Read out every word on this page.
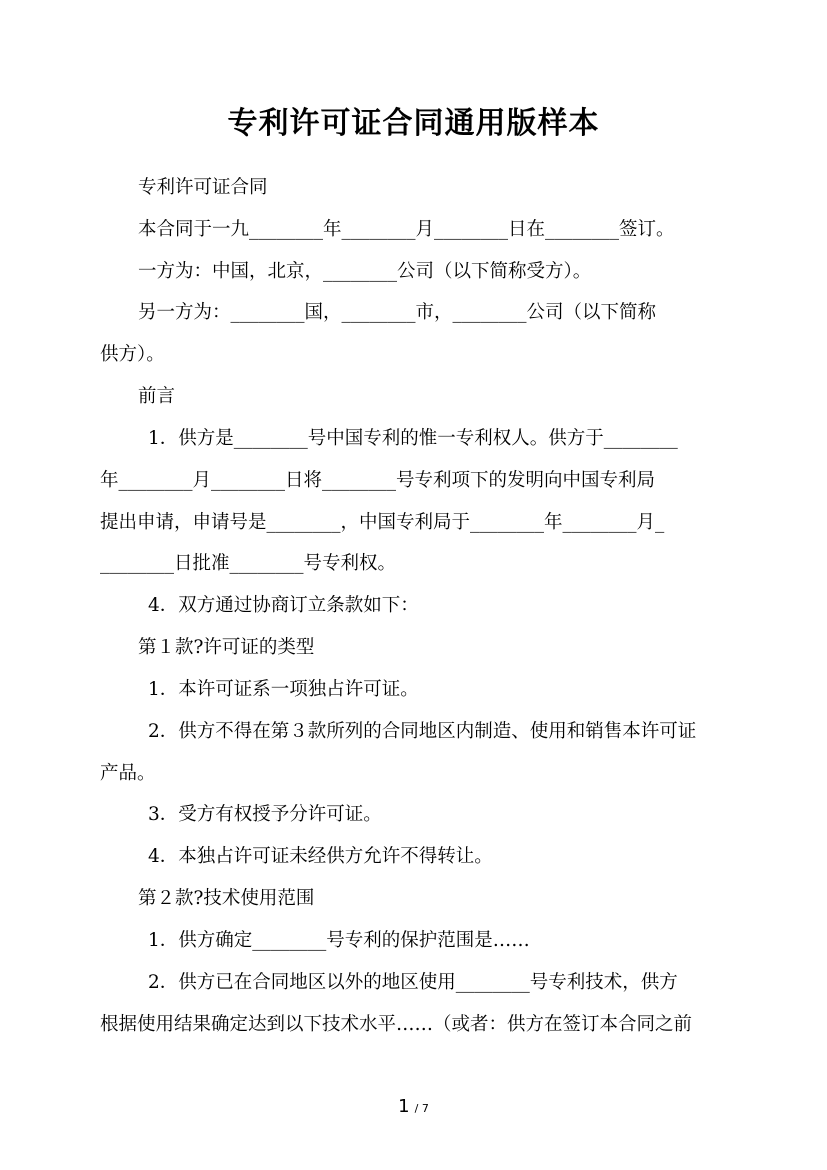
专利许可证合同通用版样本
专利许可证合同
本合同于一九________年________月________日在________签订。
一方为：中国，北京，________公司（以下简称受方）。
另一方为：________国，________市，________公司（以下简称
供方）。
前言
1．供方是________号中国专利的惟一专利权人。供方于________
年________月________日将________号专利项下的发明向中国专利局
提出申请，申请号是________，中国专利局于________年________月_
________日批准________号专利权。
4．双方通过协商订立条款如下：
第１款?许可证的类型
1．本许可证系一项独占许可证。
2．供方不得在第３款所列的合同地区内制造、使用和销售本许可证
产品。
3．受方有权授予分许可证。
4．本独占许可证未经供方允许不得转让。
第２款?技术使用范围
1．供方确定________号专利的保护范围是……
2．供方已在合同地区以外的地区使用________号专利技术，供方
根据使用结果确定达到以下技术水平……（或者：供方在签订本合同之前
1 / 7
